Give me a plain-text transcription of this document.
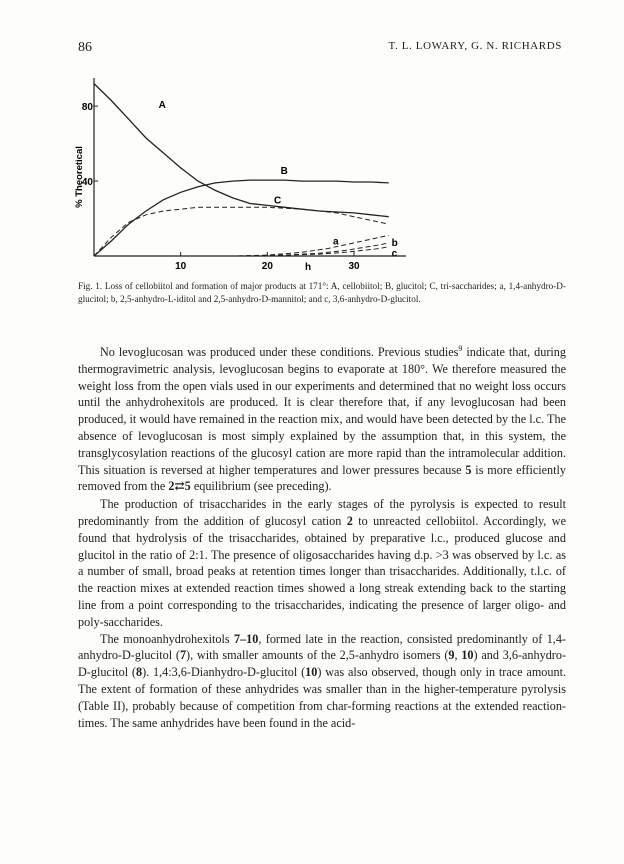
86	T. L. LOWARY, G. N. RICHARDS
10	20	30
80
40
A
B
C
a	b
c
% Theoretical
h
Fig. 1. Loss of cellobiitol and formation of major products at 171°: A, cellobiitol; B, glucitol; C, tri-saccharides; a, 1,4-anhydro-D-glucitol; b, 2,5-anhydro-L-iditol and 2,5-anhydro-D-mannitol; and c, 3,6-anhydro-D-glucitol.

No levoglucosan was produced under these conditions. Previous studies$^9$ indicate that, during thermogravimetric analysis, levoglucosan begins to evaporate at 180°. We therefore measured the weight loss from the open vials used in our experiments and determined that no weight loss occurs until the anhydrohexitols are produced. It is clear therefore that, if any levoglucosan had been produced, it would have remained in the reaction mix, and would have been detected by the l.c. The absence of levoglucosan is most simply explained by the assumption that, in this system, the transglycosylation reactions of the glucosyl cation are more rapid than the intramolecular addition. This situation is reversed at higher temperatures and lower pressures because 5 is more efficiently removed from the 2⇄5 equilibrium (see preceding).

The production of trisaccharides in the early stages of the pyrolysis is expected to result predominantly from the addition of glucosyl cation 2 to unreacted cellobiitol. Accordingly, we found that hydrolysis of the trisaccharides, obtained by preparative l.c., produced glucose and glucitol in the ratio of 2:1. The presence of oligosaccharides having d.p. >3 was observed by l.c. as a number of small, broad peaks at retention times longer than trisaccharides. Additionally, t.l.c. of the reaction mixes at extended reaction times showed a long streak extending back to the starting line from a point corresponding to the trisaccharides, indicating the presence of larger oligo- and poly-saccharides.

The monoanhydrohexitols 7–10, formed late in the reaction, consisted predominantly of 1,4-anhydro-D-glucitol (7), with smaller amounts of the 2,5-anhydro isomers (9, 10) and 3,6-anhydro-D-glucitol (8). 1,4:3,6-Dianhydro-D-glucitol (10) was also observed, though only in trace amount. The extent of formation of these anhydrides was smaller than in the higher-temperature pyrolysis (Table II), probably because of competition from char-forming reactions at the extended reaction-times. The same anhydrides have been found in the acid-
